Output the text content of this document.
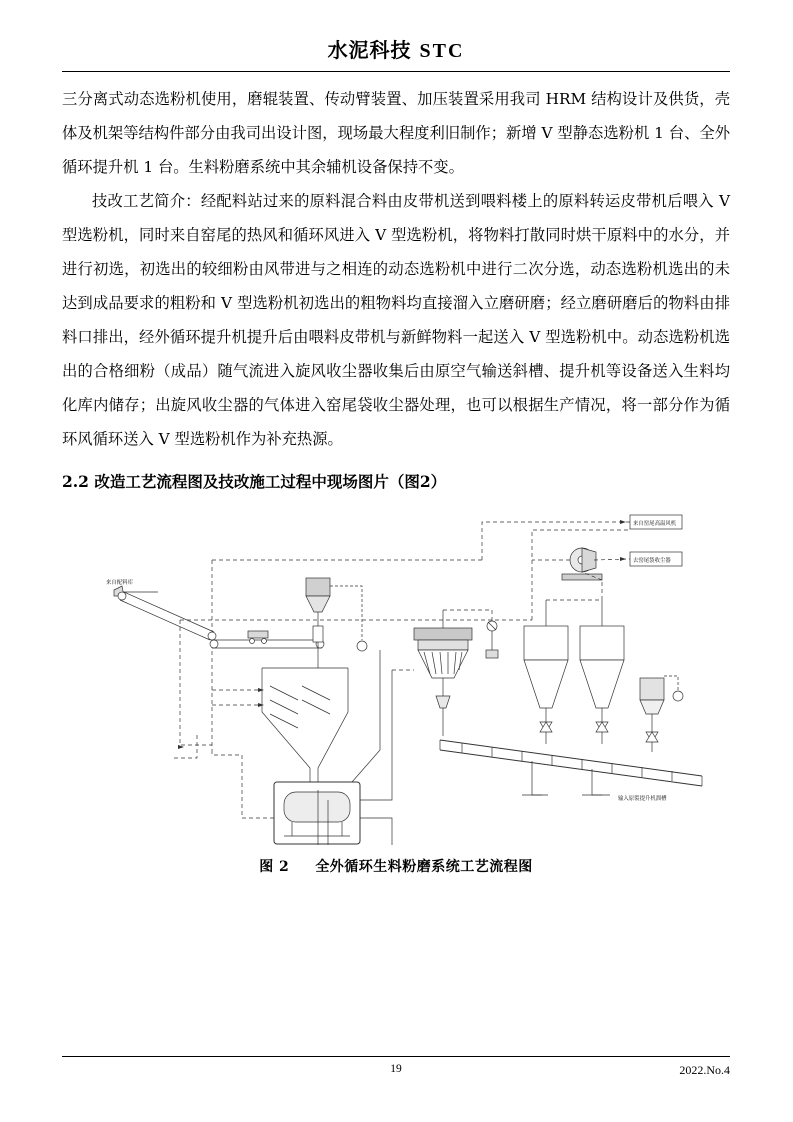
水泥科技 STC

三分离式动态选粉机使用，磨辊装置、传动臂装置、加压装置采用我司 HRM 结构设计及供货，壳体及机架等结构件部分由我司出设计图，现场最大程度利旧制作；新增 V 型静态选粉机 1 台、全外循环提升机 1 台。生料粉磨系统中其余辅机设备保持不变。

技改工艺简介：经配料站过来的原料混合料由皮带机送到喂料楼上的原料转运皮带机后喂入 V 型选粉机，同时来自窑尾的热风和循环风进入 V 型选粉机，将物料打散同时烘干原料中的水分，并进行初选，初选出的较细粉由风带进与之相连的动态选粉机中进行二次分选，动态选粉机选出的未达到成品要求的粗粉和 V 型选粉机初选出的粗物料均直接溜入立磨研磨；经立磨研磨后的物料由排料口排出，经外循环提升机提升后由喂料皮带机与新鲜物料一起送入 V 型选粉机中。动态选粉机选出的合格细粉（成品）随气流进入旋风收尘器收集后由原空气输送斜槽、提升机等设备送入生料均化库内储存；出旋风收尘器的气体进入窑尾袋收尘器处理，也可以根据生产情况，将一部分作为循环风循环送入 V 型选粉机作为补充热源。

2.2 改造工艺流程图及技改施工过程中现场图片（图2）
来自配料库
来自窑尾高温风机
去窑尾袋收尘器
输入原裂提升机溜槽
图 2 全外循环生料粉磨系统工艺流程图
19	2022.No.4
